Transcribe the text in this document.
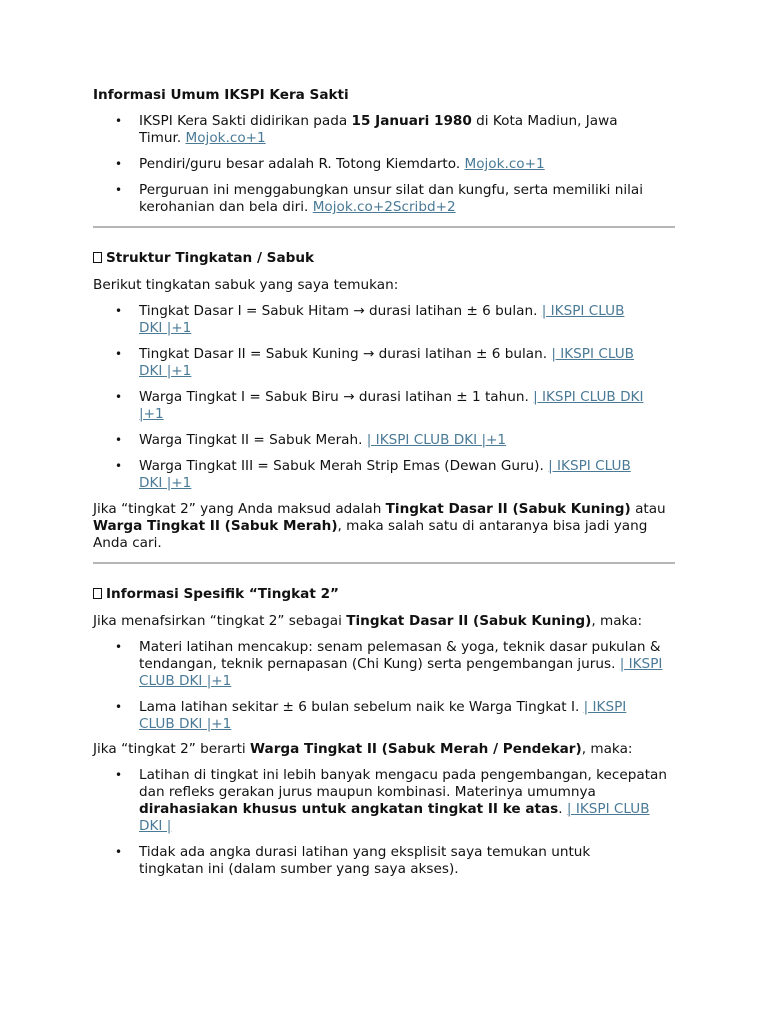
Informasi Umum IKSPI Kera Sakti

• IKSPI Kera Sakti didirikan pada 15 Januari 1980 di Kota Madiun, Jawa Timur. Mojok.co+1
• Pendiri/guru besar adalah R. Totong Kiemdarto. Mojok.co+1
• Perguruan ini menggabungkan unsur silat dan kungfu, serta memiliki nilai kerohanian dan bela diri. Mojok.co+2Scribd+2

Struktur Tingkatan / Sabuk

Berikut tingkatan sabuk yang saya temukan:

• Tingkat Dasar I = Sabuk Hitam → durasi latihan ± 6 bulan. | IKSPI CLUB DKI |+1
• Tingkat Dasar II = Sabuk Kuning → durasi latihan ± 6 bulan. | IKSPI CLUB DKI |+1
• Warga Tingkat I = Sabuk Biru → durasi latihan ± 1 tahun. | IKSPI CLUB DKI |+1
• Warga Tingkat II = Sabuk Merah. | IKSPI CLUB DKI |+1
• Warga Tingkat III = Sabuk Merah Strip Emas (Dewan Guru). | IKSPI CLUB DKI |+1

Jika “tingkat 2” yang Anda maksud adalah Tingkat Dasar II (Sabuk Kuning) atau Warga Tingkat II (Sabuk Merah), maka salah satu di antaranya bisa jadi yang Anda cari.

Informasi Spesifik “Tingkat 2”

Jika menafsirkan “tingkat 2” sebagai Tingkat Dasar II (Sabuk Kuning), maka:

• Materi latihan mencakup: senam pelemasan & yoga, teknik dasar pukulan & tendangan, teknik pernapasan (Chi Kung) serta pengembangan jurus. | IKSPI CLUB DKI |+1
• Lama latihan sekitar ± 6 bulan sebelum naik ke Warga Tingkat I. | IKSPI CLUB DKI |+1

Jika “tingkat 2” berarti Warga Tingkat II (Sabuk Merah / Pendekar), maka:

• Latihan di tingkat ini lebih banyak mengacu pada pengembangan, kecepatan dan refleks gerakan jurus maupun kombinasi. Materinya umumnya dirahasiakan khusus untuk angkatan tingkat II ke atas. | IKSPI CLUB DKI |
• Tidak ada angka durasi latihan yang eksplisit saya temukan untuk tingkatan ini (dalam sumber yang saya akses).
